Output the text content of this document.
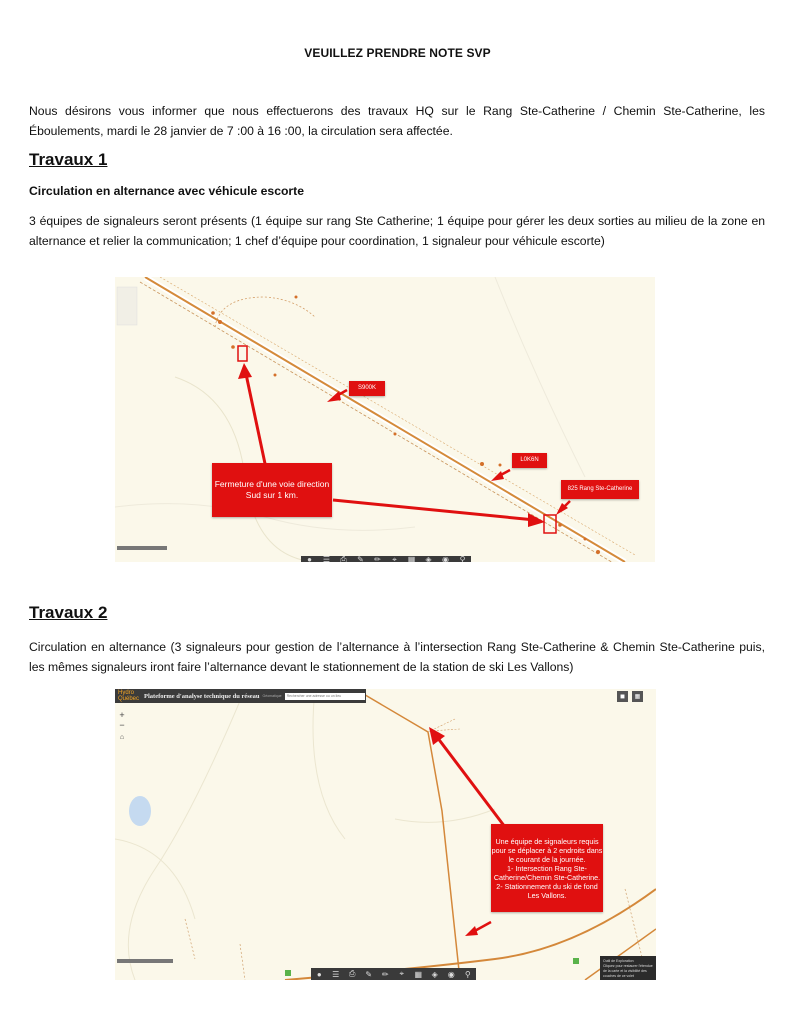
VEUILLEZ PRENDRE NOTE SVP
Nous désirons vous informer que nous effectuerons des travaux HQ sur le Rang Ste-Catherine / Chemin Ste-Catherine, les Éboulements, mardi le 28 janvier de 7 :00 à 16 :00, la circulation sera affectée.
Travaux 1
Circulation en alternance avec véhicule escorte
3 équipes de signaleurs seront présents (1 équipe sur rang Ste Catherine; 1 équipe pour gérer les deux sorties au milieu de la zone en alternance et relier la communication; 1 chef d’équipe pour coordination, 1 signaleur pour véhicule escorte)
Fermeture d'une voie direction Sud sur 1 km.
S900K
L0K6N
825 Rang Ste-Catherine
●	☰	⎙	✎	✏	⌖	▦	◈	◉	⚲
Travaux 2
Circulation en alternance (3 signaleurs pour gestion de l’alternance à l’intersection Rang Ste-Catherine & Chemin Ste-Catherine puis, les mêmes signaleurs iront faire l’alternance devant le stationnement de la station de ski Les Vallons)
Hydro Québec Plateforme d'analyse technique du réseau Géomatique
Rechercher une adresse ou un lieu
+
−
⌂
◼	▦
Une équipe de signaleurs requis pour se déplacer à 2 endroits dans le courant de la journée.
1- Intersection Rang Ste-Catherine/Chemin Ste-Catherine.
2- Stationnement du ski de fond Les Vallons.
●	☰	⎙	✎	✏	⌖	▦	◈	◉	⚲
Outil de Exploration
Cliquez pour restaurer l'étendue de la carte et la visibilité des couches de ce volet
